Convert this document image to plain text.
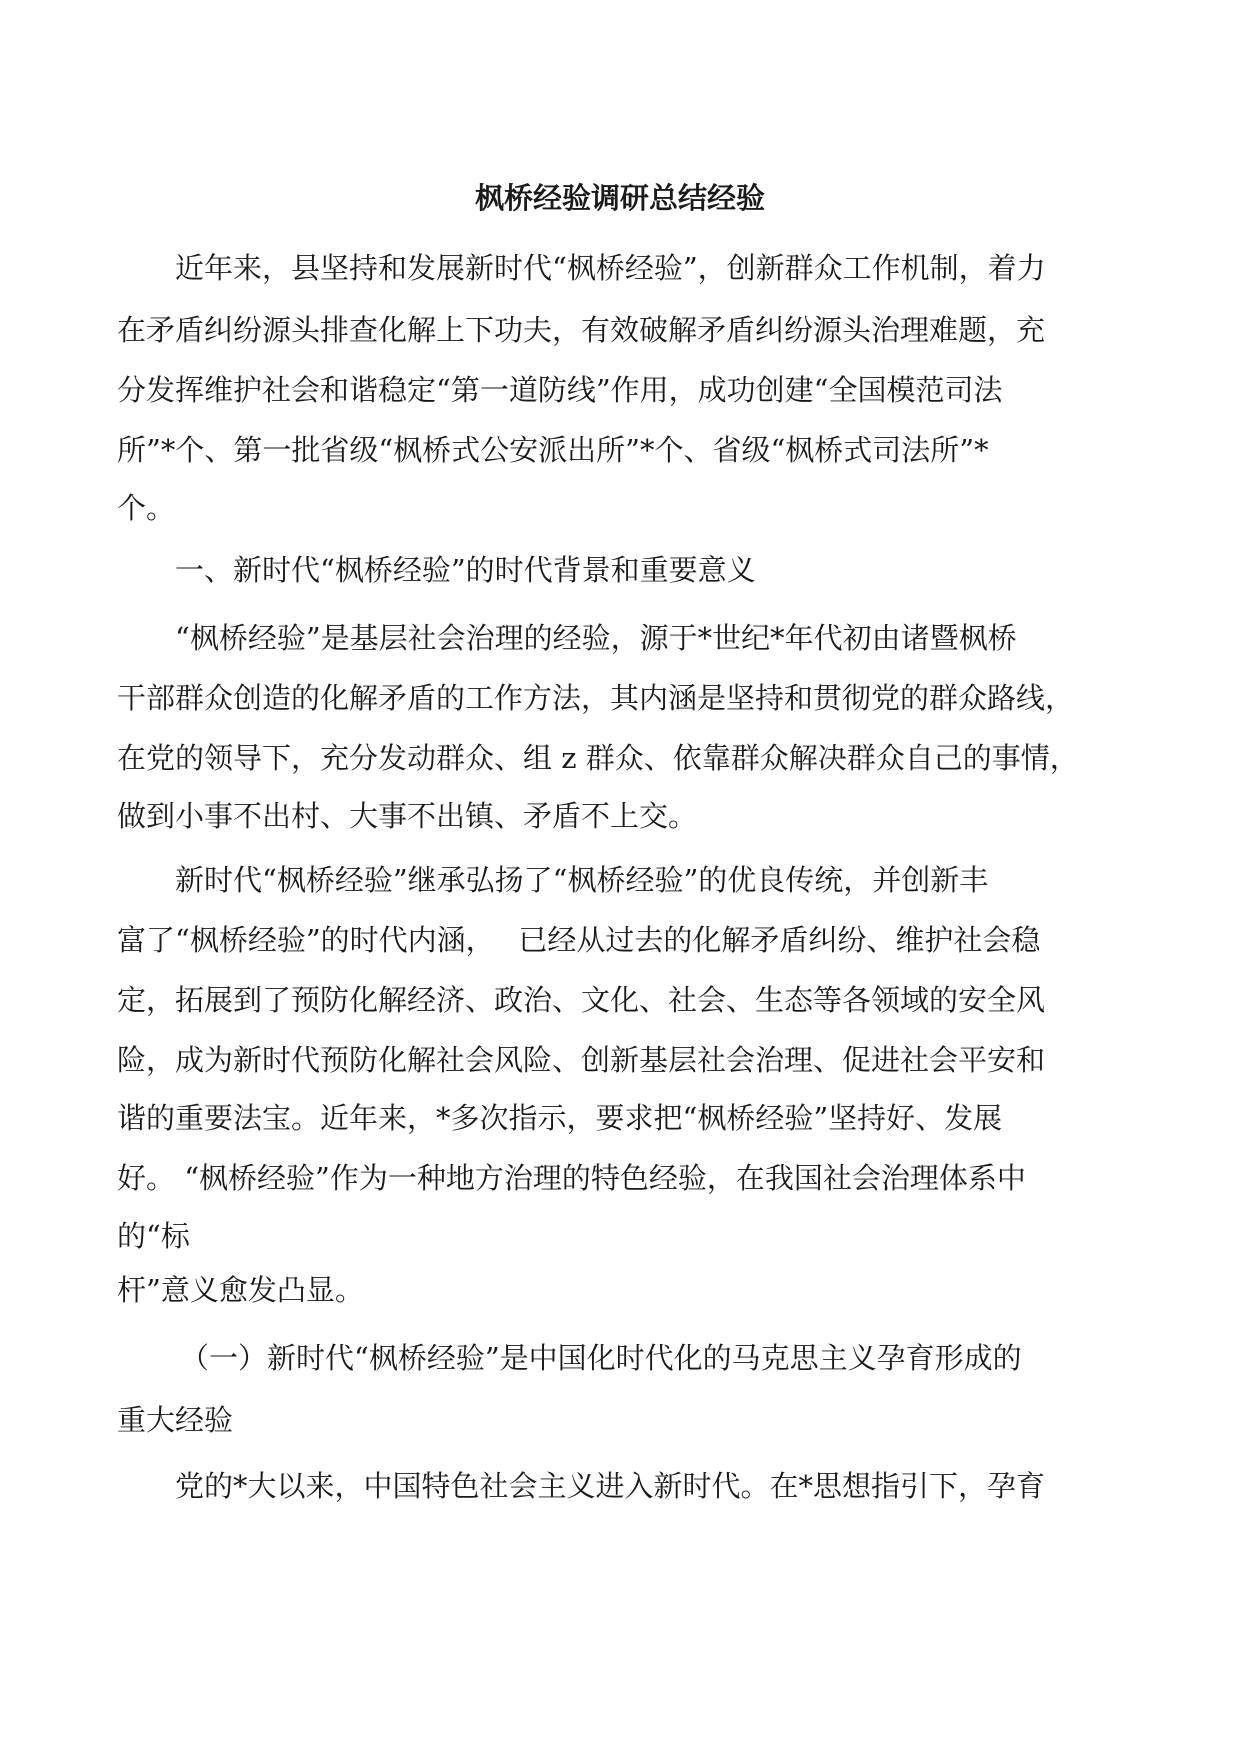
枫桥经验调研总结经验
近年来，县坚持和发展新时代“枫桥经验”，创新群众工作机制，着力
在矛盾纠纷源头排查化解上下功夫，有效破解矛盾纠纷源头治理难题，充
分发挥维护社会和谐稳定“第一道防线”作用，成功创建“全国模范司法
所”*个、第一批省级“枫桥式公安派出所”*个、省级“枫桥式司法所”*
个。
一、新时代“枫桥经验”的时代背景和重要意义
“枫桥经验”是基层社会治理的经验，源于*世纪*年代初由诸暨枫桥
干部群众创造的化解矛盾的工作方法，其内涵是坚持和贯彻党的群众路线，
在党的领导下，充分发动群众、组 z 群众、依靠群众解决群众自己的事情，
做到小事不出村、大事不出镇、矛盾不上交。
新时代“枫桥经验”继承弘扬了“枫桥经验”的优良传统，并创新丰
富了“枫桥经验”的时代内涵，　 已经从过去的化解矛盾纠纷、维护社会稳
定，拓展到了预防化解经济、政治、文化、社会、生态等各领域的安全风
险，成为新时代预防化解社会风险、创新基层社会治理、促进社会平安和
谐的重要法宝。近年来，*多次指示，要求把“枫桥经验”坚持好、发展
好。 “枫桥经验”作为一种地方治理的特色经验，在我国社会治理体系中
的“标
杆”意义愈发凸显。
（一）新时代“枫桥经验”是中国化时代化的马克思主义孕育形成的
重大经验
党的*大以来，中国特色社会主义进入新时代。在*思想指引下，孕育
